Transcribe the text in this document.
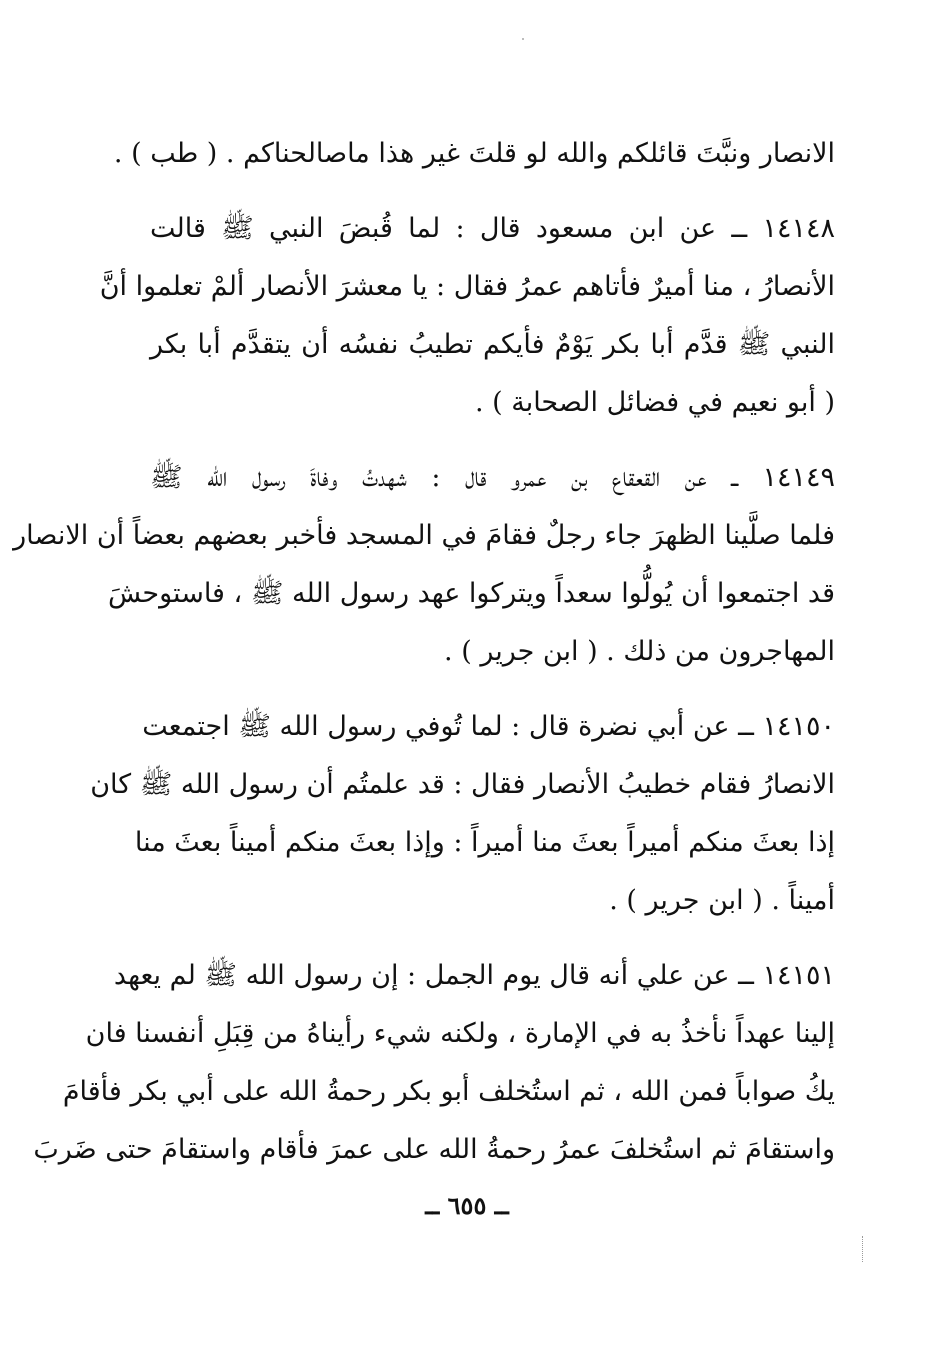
الانصار ونبَّتَ قائلكم والله لو قلتَ غير هذا ماصالحناكم . ( طب ) .
١٤١٤٨ ــ عن ابن مسعود قال : لما قُبضَ النبي ﷺ قالت
الأنصارُ ، منا أميرٌ فأتاهم عمرُ فقال : يا معشرَ الأنصار ألمْ تعلموا أنَّ
النبي ﷺ قدَّم أبا بكر يَوْمٌ فأيكم تطيبُ نفسُه أن يتقدَّم أبا بكر
( أبو نعيم في فضائل الصحابة ) .
١٤١٤٩ ــ عن القعقاع بن عمرو قال : شهدتُ وفاةَ رسول الله ﷺ
فلما صلَّينا الظهرَ جاء رجلٌ فقامَ في المسجد فأخبر بعضهم بعضاً أن الانصار
قد اجتمعوا أن يُولُّوا سعداً ويتركوا عهد رسول الله ﷺ ، فاستوحشَ
المهاجرون من ذلك . ( ابن جرير ) .
١٤١٥٠ ــ عن أبي نضرة قال : لما تُوفي رسول الله ﷺ اجتمعت
الانصارُ فقام خطيبُ الأنصار فقال : قد علمتُم أن رسول الله ﷺ كان
إذا بعثَ منكم أميراً بعثَ منا أميراً : وإذا بعثَ منكم أميناً بعثَ منا
أميناً . ( ابن جرير ) .
١٤١٥١ ــ عن علي أنه قال يوم الجمل : إن رسول الله ﷺ لم يعهد
إلينا عهداً نأخذُ به في الإمارة ، ولكنه شيء رأيناهُ من قِبَلِ أنفسنا فان
يكُ صواباً فمن الله ، ثم استُخلف أبو بكر رحمةُ الله على أبي بكر فأقامَ
واستقامَ ثم استُخلفَ عمرُ رحمةُ الله على عمرَ فأقام واستقامَ حتى ضَربَ
ــ ٦٥٥ ــ
